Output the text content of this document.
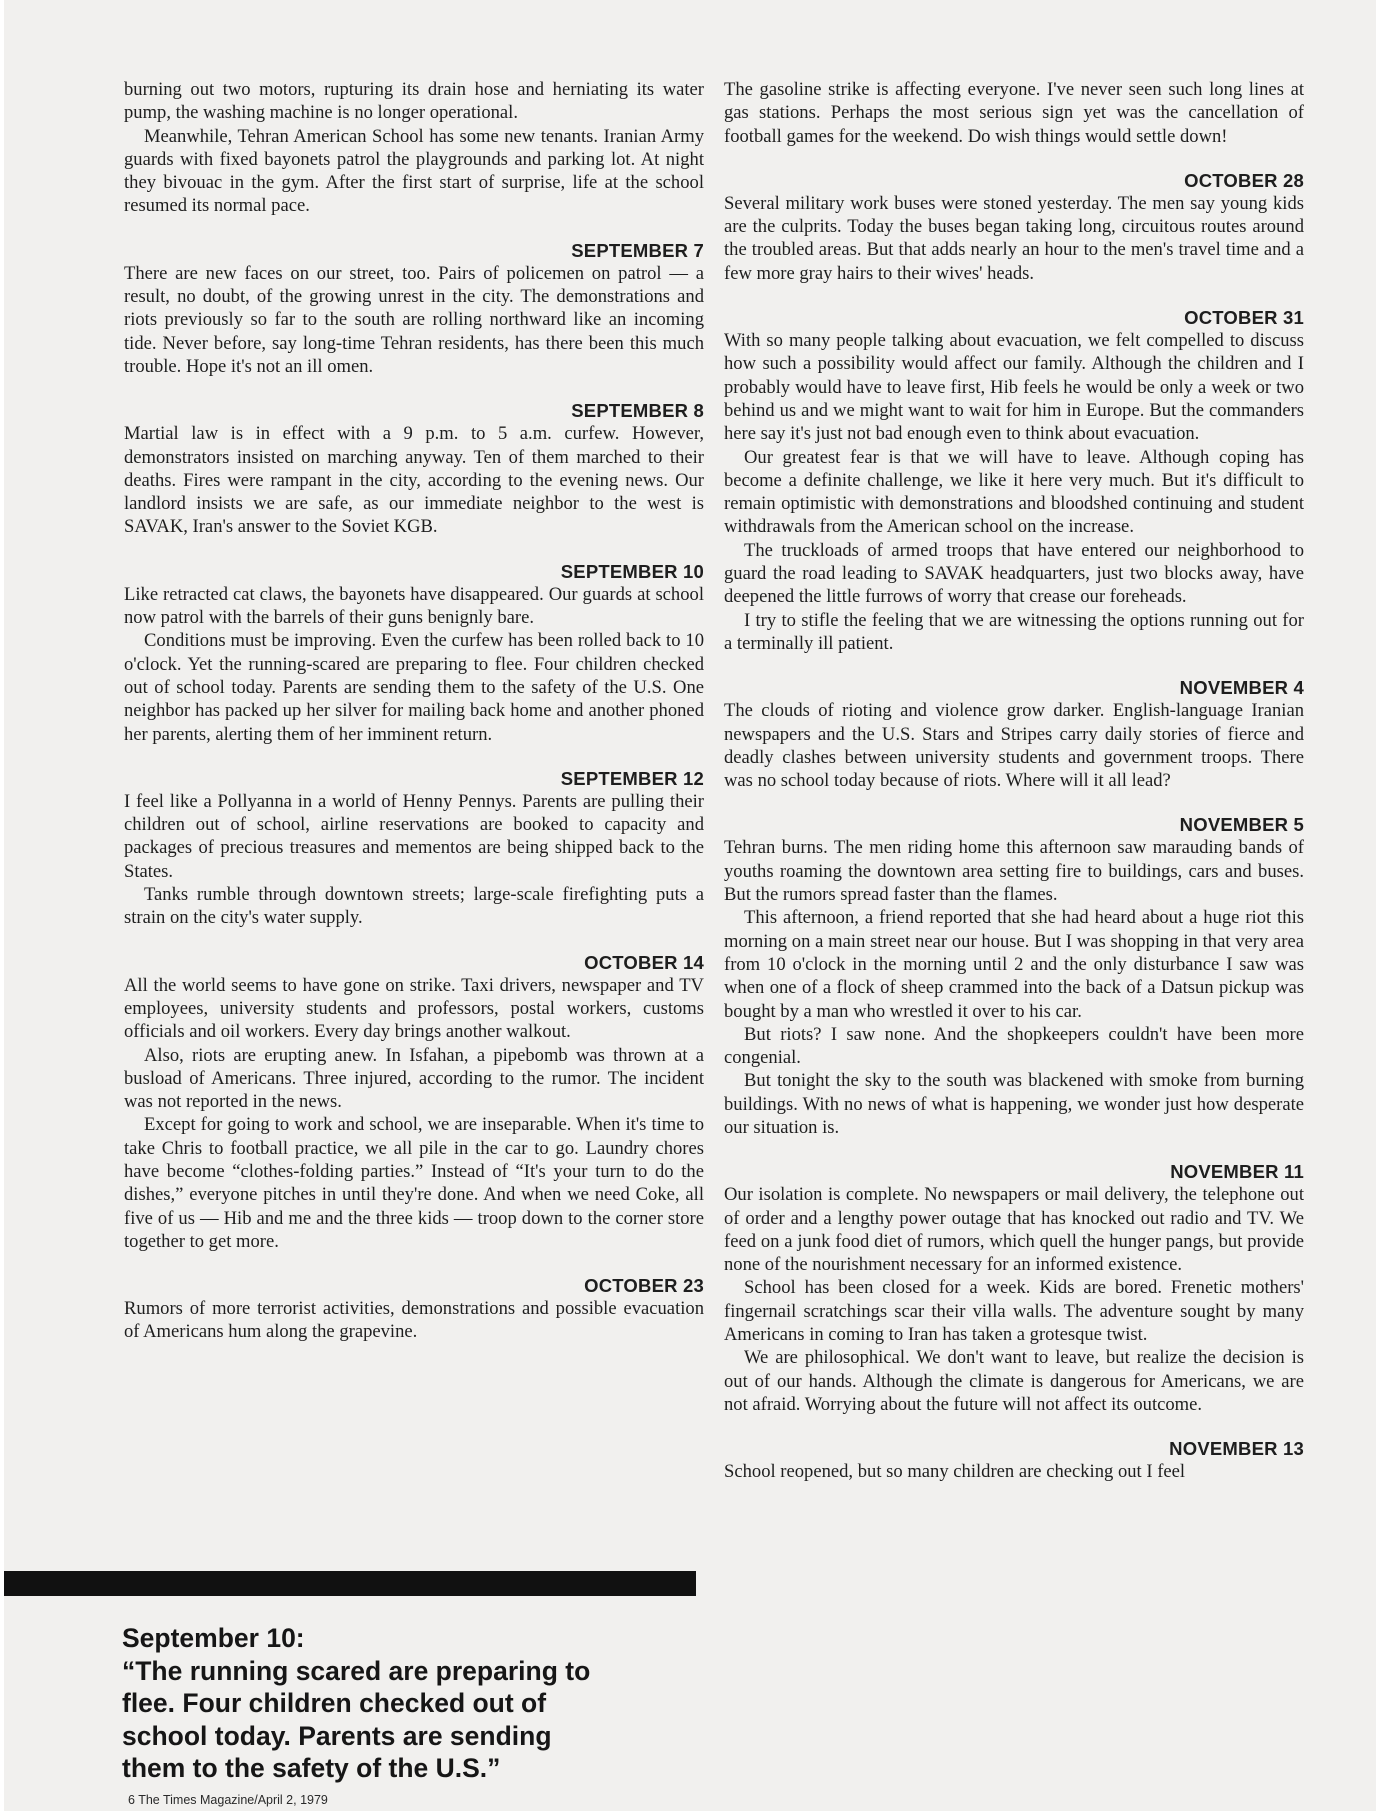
burning out two motors, rupturing its drain hose and herniating its water pump, the washing machine is no longer operational.

Meanwhile, Tehran American School has some new tenants. Iranian Army guards with fixed bayonets patrol the playgrounds and parking lot. At night they bivouac in the gym. After the first start of surprise, life at the school resumed its normal pace.

SEPTEMBER 7

There are new faces on our street, too. Pairs of policemen on patrol — a result, no doubt, of the growing unrest in the city. The demonstrations and riots previously so far to the south are rolling northward like an incoming tide. Never before, say long-time Tehran residents, has there been this much trouble. Hope it's not an ill omen.

SEPTEMBER 8

Martial law is in effect with a 9 p.m. to 5 a.m. curfew. However, demonstrators insisted on marching anyway. Ten of them marched to their deaths. Fires were rampant in the city, according to the evening news. Our landlord insists we are safe, as our immediate neighbor to the west is SAVAK, Iran's answer to the Soviet KGB.

SEPTEMBER 10

Like retracted cat claws, the bayonets have disappeared. Our guards at school now patrol with the barrels of their guns benignly bare.

Conditions must be improving. Even the curfew has been rolled back to 10 o'clock. Yet the running-scared are preparing to flee. Four children checked out of school today. Parents are sending them to the safety of the U.S. One neighbor has packed up her silver for mailing back home and another phoned her parents, alerting them of her imminent return.

SEPTEMBER 12

I feel like a Pollyanna in a world of Henny Pennys. Parents are pulling their children out of school, airline reservations are booked to capacity and packages of precious treasures and mementos are being shipped back to the States.

Tanks rumble through downtown streets; large-scale firefighting puts a strain on the city's water supply.

OCTOBER 14

All the world seems to have gone on strike. Taxi drivers, newspaper and TV employees, university students and professors, postal workers, customs officials and oil workers. Every day brings another walkout.

Also, riots are erupting anew. In Isfahan, a pipebomb was thrown at a busload of Americans. Three injured, according to the rumor. The incident was not reported in the news.

Except for going to work and school, we are inseparable. When it's time to take Chris to football practice, we all pile in the car to go. Laundry chores have become “clothes-folding parties.” Instead of “It's your turn to do the dishes,” everyone pitches in until they're done. And when we need Coke, all five of us — Hib and me and the three kids — troop down to the corner store together to get more.

OCTOBER 23

Rumors of more terrorist activities, demonstrations and possible evacuation of Americans hum along the grapevine.

The gasoline strike is affecting everyone. I've never seen such long lines at gas stations. Perhaps the most serious sign yet was the cancellation of football games for the weekend. Do wish things would settle down!

OCTOBER 28

Several military work buses were stoned yesterday. The men say young kids are the culprits. Today the buses began taking long, circuitous routes around the troubled areas. But that adds nearly an hour to the men's travel time and a few more gray hairs to their wives' heads.

OCTOBER 31

With so many people talking about evacuation, we felt compelled to discuss how such a possibility would affect our family. Although the children and I probably would have to leave first, Hib feels he would be only a week or two behind us and we might want to wait for him in Europe. But the commanders here say it's just not bad enough even to think about evacuation.

Our greatest fear is that we will have to leave. Although coping has become a definite challenge, we like it here very much. But it's difficult to remain optimistic with demonstrations and bloodshed continuing and student withdrawals from the American school on the increase.

The truckloads of armed troops that have entered our neighborhood to guard the road leading to SAVAK headquarters, just two blocks away, have deepened the little furrows of worry that crease our foreheads.

I try to stifle the feeling that we are witnessing the options running out for a terminally ill patient.

NOVEMBER 4

The clouds of rioting and violence grow darker. English-language Iranian newspapers and the U.S. Stars and Stripes carry daily stories of fierce and deadly clashes between university students and government troops. There was no school today because of riots. Where will it all lead?

NOVEMBER 5

Tehran burns. The men riding home this afternoon saw marauding bands of youths roaming the downtown area setting fire to buildings, cars and buses. But the rumors spread faster than the flames.

This afternoon, a friend reported that she had heard about a huge riot this morning on a main street near our house. But I was shopping in that very area from 10 o'clock in the morning until 2 and the only disturbance I saw was when one of a flock of sheep crammed into the back of a Datsun pickup was bought by a man who wrestled it over to his car.

But riots? I saw none. And the shopkeepers couldn't have been more congenial.

But tonight the sky to the south was blackened with smoke from burning buildings. With no news of what is happening, we wonder just how desperate our situation is.

NOVEMBER 11

Our isolation is complete. No newspapers or mail delivery, the telephone out of order and a lengthy power outage that has knocked out radio and TV. We feed on a junk food diet of rumors, which quell the hunger pangs, but provide none of the nourishment necessary for an informed existence.

School has been closed for a week. Kids are bored. Frenetic mothers' fingernail scratchings scar their villa walls. The adventure sought by many Americans in coming to Iran has taken a grotesque twist.

We are philosophical. We don't want to leave, but realize the decision is out of our hands. Although the climate is dangerous for Americans, we are not afraid. Worrying about the future will not affect its outcome.

NOVEMBER 13

School reopened, but so many children are checking out I feel

September 10:
“The running scared are preparing to
flee. Four children checked out of
school today. Parents are sending
them to the safety of the U.S.”
6 The Times Magazine/April 2, 1979
